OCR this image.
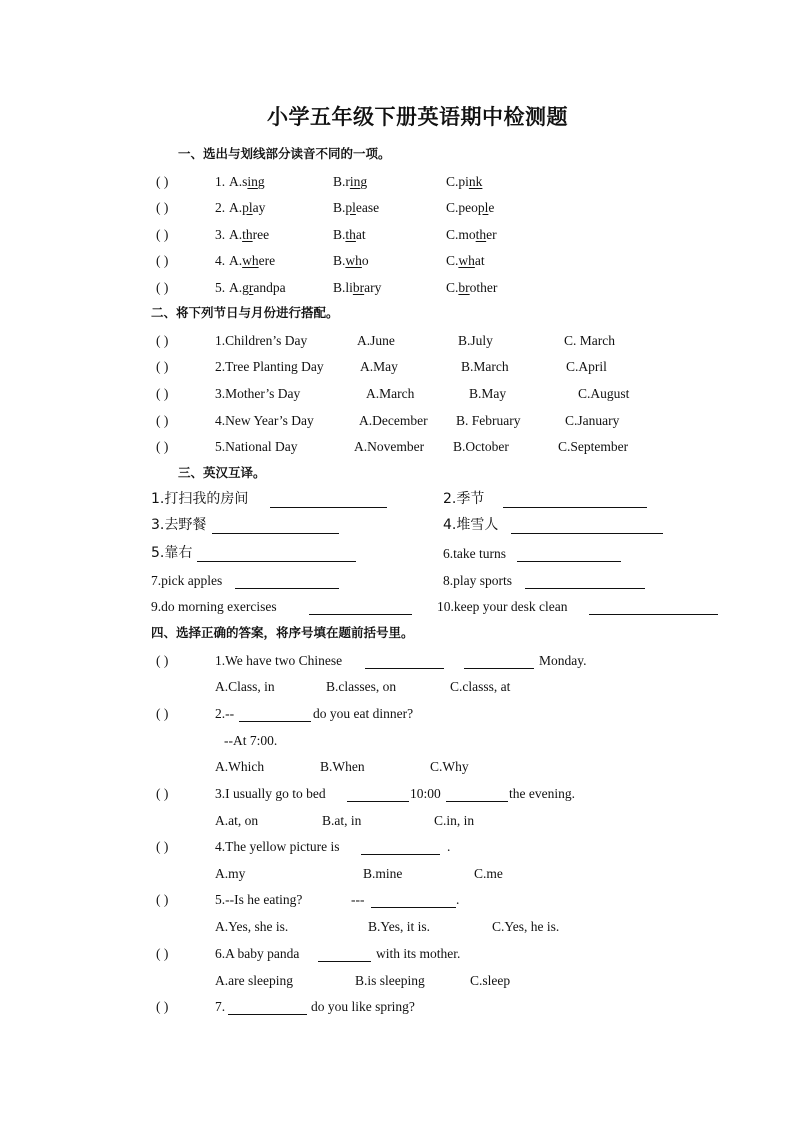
小学五年级下册英语期中检测题
一、选出与划线部分读音不同的一项。
( )	1. A.sing	B.ring	C.pink
( )	2. A.play	B.please	C.people
( )	3. A.three	B.that	C.mother
( )	4. A.where	B.who	C.what
( )	5. A.grandpa	B.library	C.brother
二、将下列节日与月份进行搭配。
( )	1.Children’s Day	A.June	B.July	C. March
( )	2.Tree Planting Day	A.May	B.March	C.April
( )	3.Mother’s Day	A.March	B.May	C.August
( )	4.New Year’s Day	A.December B. February	C.January
( )	5.National Day	A.November B.October	C.September
三、英汉互译。
1.打扫我的房间	2.季节
3.去野餐	4.堆雪人
5.靠右	6.take turns
7.pick apples	8.play sports
9.do morning exercises	10.keep your desk clean
四、选择正确的答案，将序号填在题前括号里。
( )	1.We have two Chinese	Monday.
A.Class, in	B.classes, on	C.classs, at
( )	2.--	do you eat dinner?
--At 7:00.
A.Which	B.When	C.Why
( )	3.I usually go to bed	10:00	the evening.
A.at, on	B.at, in	C.in, in
( )	4.The yellow picture is	.
A.my	B.mine	C.me
( )	5.--Is he eating?	---	.
A.Yes, she is.	B.Yes, it is.	C.Yes, he is.
( )	6.A baby panda	with its mother.
A.are sleeping	B.is sleeping	C.sleep
( )	7.	do you like spring?
